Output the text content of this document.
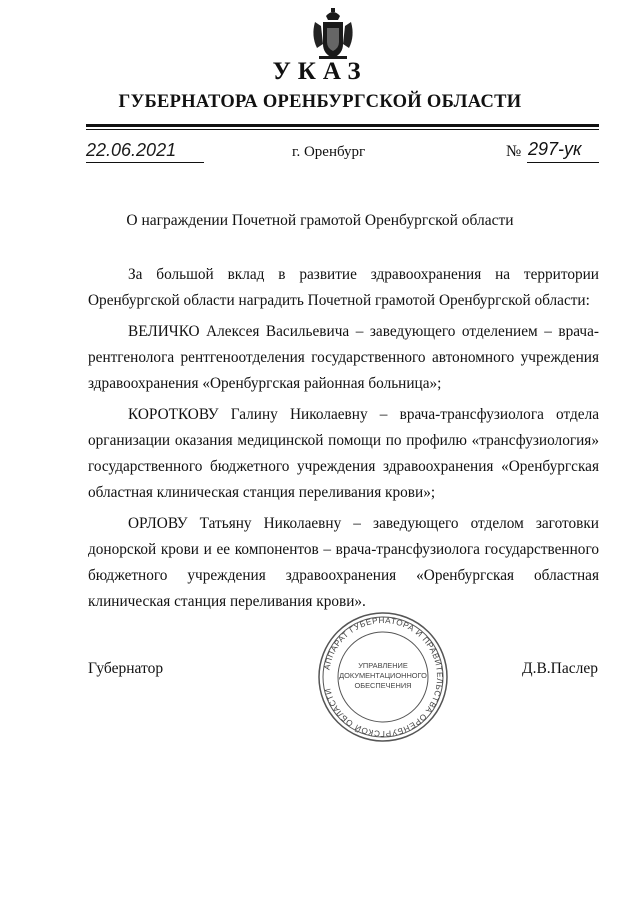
УКАЗ
ГУБЕРНАТОРА ОРЕНБУРГСКОЙ ОБЛАСТИ
22.06.2021	г. Оренбург	№ 297-ук
О награждении Почетной грамотой Оренбургской области

За большой вклад в развитие здравоохранения на территории Оренбургской области наградить Почетной грамотой Оренбургской области:

ВЕЛИЧКО Алексея Васильевича – заведующего отделением – врача-рентгенолога рентгеноотделения государственного автономного учреждения здравоохранения «Оренбургская районная больница»;

КОРОТКОВУ Галину Николаевну – врача-трансфузиолога отдела организации оказания медицинской помощи по профилю «трансфузиология» государственного бюджетного учреждения здравоохранения «Оренбургская областная клиническая станция переливания крови»;

ОРЛОВУ Татьяну Николаевну – заведующего отделом заготовки донорской крови и ее компонентов – врача-трансфузиолога государственного бюджетного учреждения здравоохранения «Оренбургская областная клиническая станция переливания крови».

Губернатор	Д.В.Паслер
АППАРАТ ГУБЕРНАТОРА И ПРАВИТЕЛЬСТВА ОРЕНБУРГСКОЙ ОБЛАСТИ
УПРАВЛЕНИЕ
ДОКУМЕНТАЦИОННОГО
ОБЕСПЕЧЕНИЯ
